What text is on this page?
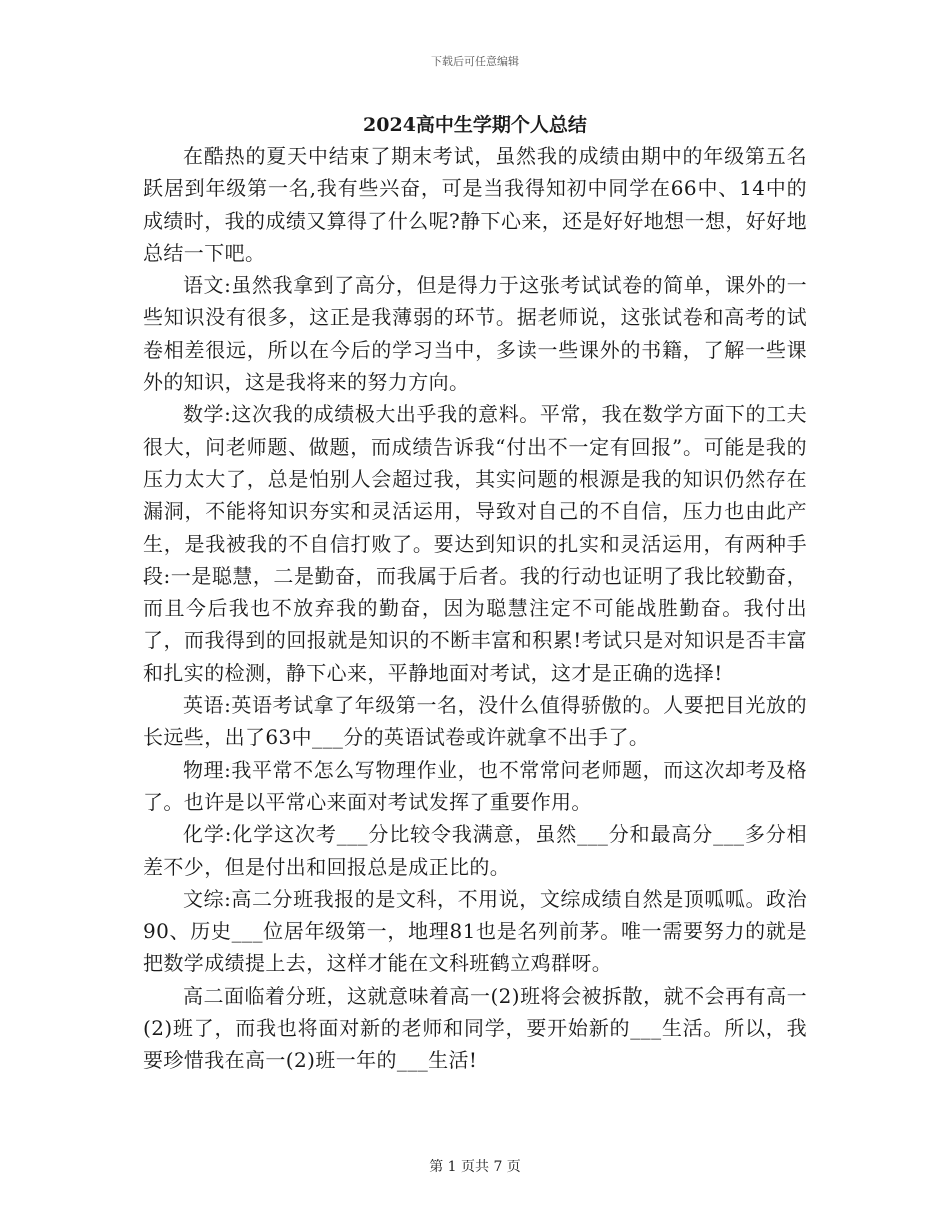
下载后可任意编辑
2024高中生学期个人总结

在酷热的夏天中结束了期末考试，虽然我的成绩由期中的年级第五名跃居到年级第一名,我有些兴奋，可是当我得知初中同学在66中、14中的成绩时，我的成绩又算得了什么呢?静下心来，还是好好地想一想，好好地总结一下吧。

语文:虽然我拿到了高分，但是得力于这张考试试卷的简单，课外的一些知识没有很多，这正是我薄弱的环节。据老师说，这张试卷和高考的试卷相差很远，所以在今后的学习当中，多读一些课外的书籍，了解一些课外的知识，这是我将来的努力方向。

数学:这次我的成绩极大出乎我的意料。平常，我在数学方面下的工夫很大，问老师题、做题，而成绩告诉我“付出不一定有回报”。可能是我的压力太大了，总是怕别人会超过我，其实问题的根源是我的知识仍然存在漏洞，不能将知识夯实和灵活运用，导致对自己的不自信，压力也由此产生，是我被我的不自信打败了。要达到知识的扎实和灵活运用，有两种手段:一是聪慧，二是勤奋，而我属于后者。我的行动也证明了我比较勤奋，而且今后我也不放弃我的勤奋，因为聪慧注定不可能战胜勤奋。我付出了，而我得到的回报就是知识的不断丰富和积累!考试只是对知识是否丰富和扎实的检测，静下心来，平静地面对考试，这才是正确的选择!

英语:英语考试拿了年级第一名，没什么值得骄傲的。人要把目光放的长远些，出了63中___分的英语试卷或许就拿不出手了。

物理:我平常不怎么写物理作业，也不常常问老师题，而这次却考及格了。也许是以平常心来面对考试发挥了重要作用。

化学:化学这次考___分比较令我满意，虽然___分和最高分___多分相差不少，但是付出和回报总是成正比的。

文综:高二分班我报的是文科，不用说，文综成绩自然是顶呱呱。政治90、历史___位居年级第一，地理81也是名列前茅。唯一需要努力的就是把数学成绩提上去，这样才能在文科班鹤立鸡群呀。

高二面临着分班，这就意味着高一(2)班将会被拆散，就不会再有高一(2)班了，而我也将面对新的老师和同学，要开始新的___生活。所以，我要珍惜我在高一(2)班一年的___生活!

第 1 页共 7 页
